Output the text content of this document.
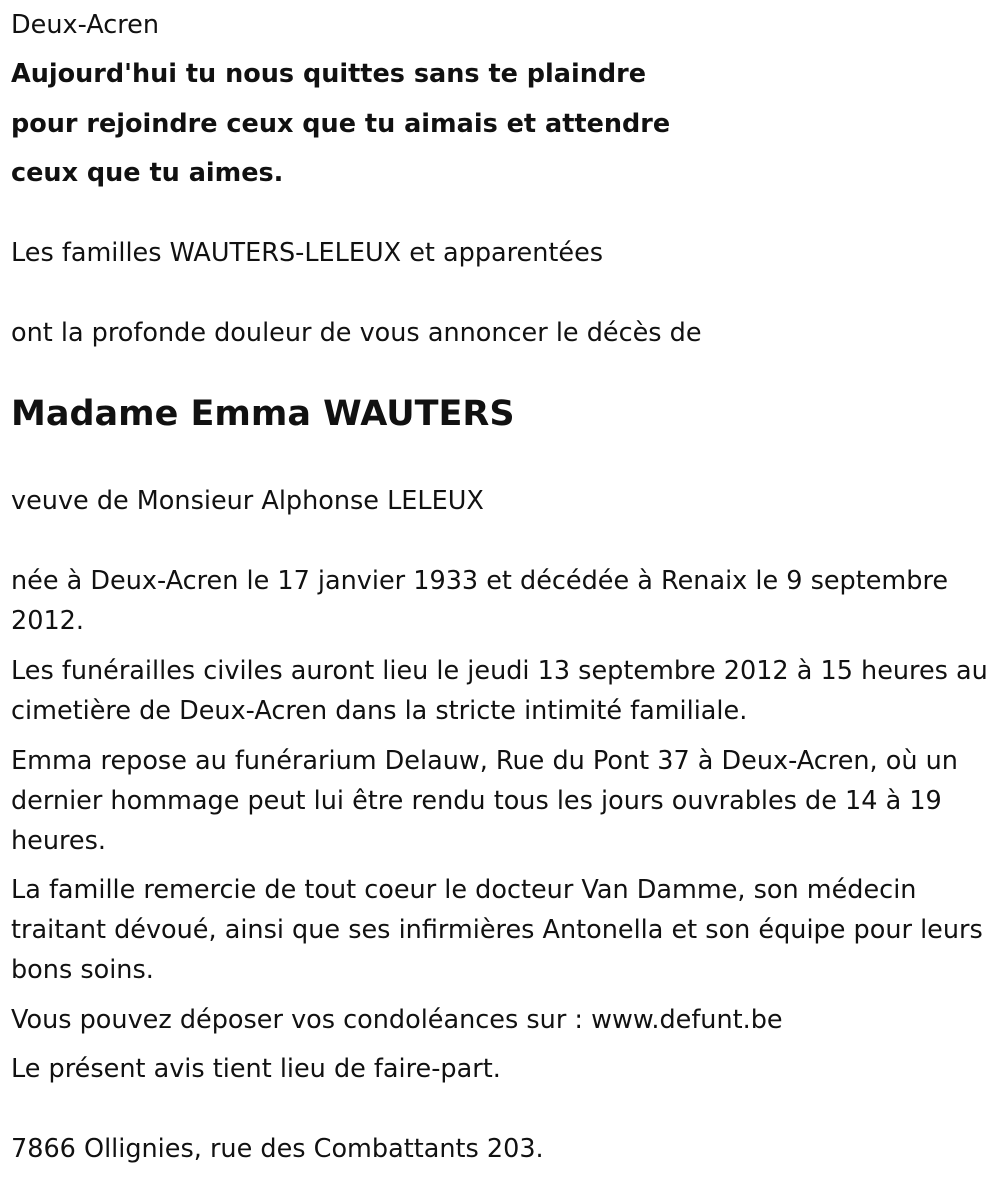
Deux-Acren

Aujourd'hui tu nous quittes sans te plaindre

pour rejoindre ceux que tu aimais et attendre

ceux que tu aimes.

Les familles WAUTERS-LELEUX et apparentées

ont la profonde douleur de vous annoncer le décès de

Madame Emma WAUTERS

veuve de Monsieur Alphonse LELEUX

née à Deux-Acren le 17 janvier 1933 et décédée à Renaix le 9 septembre 2012.

Les funérailles civiles auront lieu le jeudi 13 septembre 2012 à 15 heures au cimetière de Deux-Acren dans la stricte intimité familiale.

Emma repose au funérarium Delauw, Rue du Pont 37 à Deux-Acren, où un dernier hommage peut lui être rendu tous les jours ouvrables de 14 à 19 heures.

La famille remercie de tout coeur le docteur Van Damme, son médecin traitant dévoué, ainsi que ses infirmières Antonella et son équipe pour leurs bons soins.

Vous pouvez déposer vos condoléances sur : www.defunt.be

Le présent avis tient lieu de faire-part.

7866 Ollignies, rue des Combattants 203.
